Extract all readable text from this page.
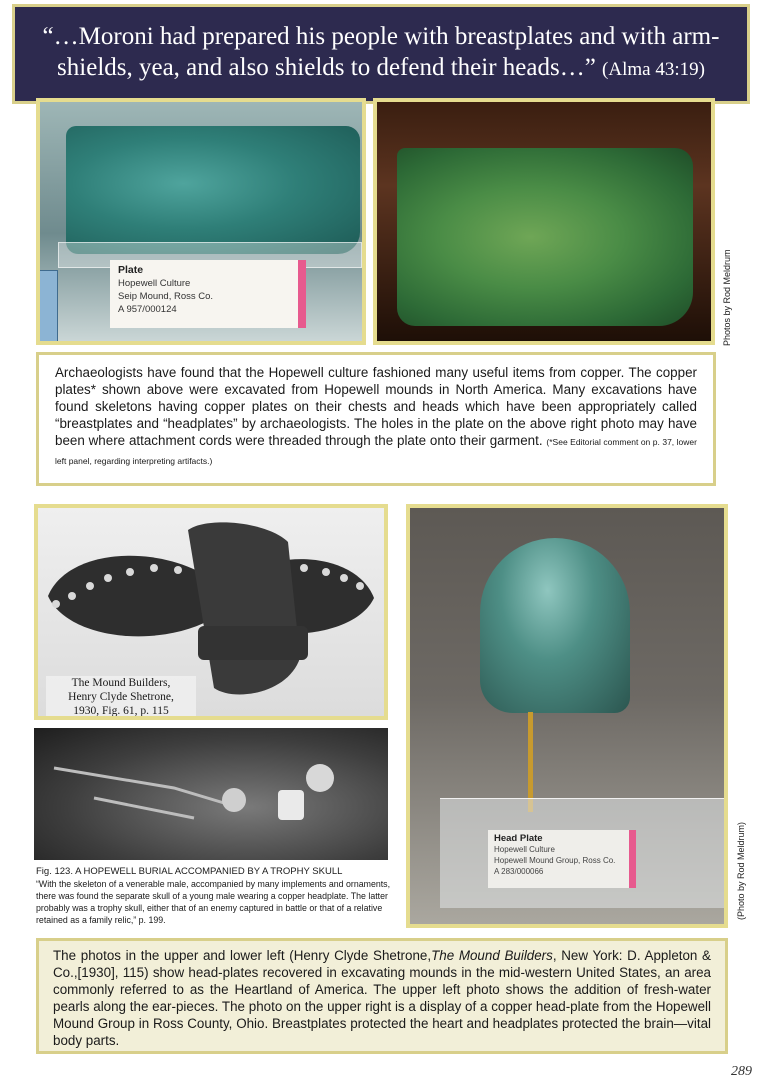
“…Moroni had prepared his people with breastplates and with arm-shields, yea, and also shields to defend their heads…” (Alma 43:19)
Plate
Hopewell Culture
Seip Mound, Ross Co.
A 957/000124	Photos by Rod Meldrum
Archaeologists have found that the Hopewell culture fashioned many useful items from copper. The copper plates* shown above were excavated from Hopewell mounds in North America. Many excavations have found skeletons having copper plates on their chests and heads which have been appropriately called “breastplates and “headplates” by archaeologists. The holes in the plate on the above right photo may have been where attachment cords were threaded through the plate onto their garment. (*See Editorial comment on p. 37, lower left panel, regarding interpreting artifacts.)
The Mound Builders,
Henry Clyde Shetrone,
1930, Fig. 61, p. 115
Fig. 123. A HOPEWELL BURIAL ACCOMPANIED BY A TROPHY SKULL
“With the skeleton of a venerable male, accompanied by many implements and ornaments, there was found the separate skull of a young male wearing a copper headplate. The latter probably was a trophy skull, either that of an enemy captured in battle or that of a relative retained as a family relic,” p. 199.
Head Plate
Hopewell Culture
Hopewell Mound Group, Ross Co.
A 283/000066	(Photo by Rod Meldrum)
The photos in the upper and lower left (Henry Clyde Shetrone,The Mound Builders, New York: D. Appleton & Co.,[1930], 115) show head-plates recovered in excavating mounds in the mid-western United States, an area commonly referred to as the Heartland of America. The upper left photo shows the addition of fresh-water pearls along the ear-pieces. The photo on the upper right is a display of a copper head-plate from the Hopewell Mound Group in Ross County, Ohio. Breastplates protected the heart and headplates protected the brain—vital body parts.
289
